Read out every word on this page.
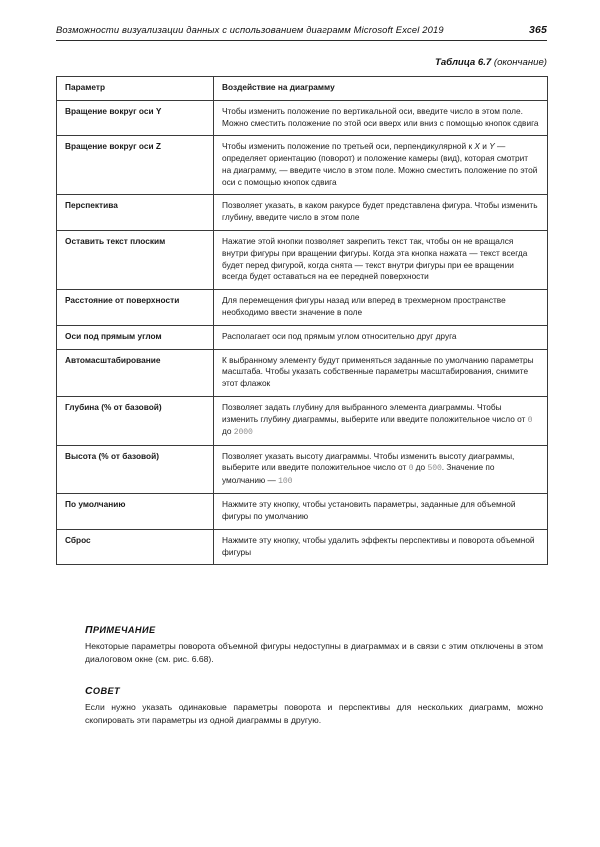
Возможности визуализации данных с использованием диаграмм Microsoft Excel 2019	365
Таблица 6.7 (окончание)
Параметр	Воздействие на диаграмму
Вращение вокруг оси Y	Чтобы изменить положение по вертикальной оси, введите число в этом поле. Можно сместить положение по этой оси вверх или вниз с помощью кнопок сдвига
Вращение вокруг оси Z	Чтобы изменить положение по третьей оси, перпендикулярной к X и Y — определяет ориентацию (поворот) и положение камеры (вид), которая смотрит на диаграмму, — введите число в этом поле. Можно сместить положение по этой оси с помощью кнопок сдвига
Перспектива	Позволяет указать, в каком ракурсе будет представлена фигура. Чтобы изменить глубину, введите число в этом поле
Оставить текст плоским	Нажатие этой кнопки позволяет закрепить текст так, чтобы он не вращался внутри фигуры при вращении фигуры. Когда эта кнопка нажата — текст всегда будет перед фигурой, когда снята — текст внутри фигуры при ее вращении всегда будет оставаться на ее передней поверхности
Расстояние от поверхности	Для перемещения фигуры назад или вперед в трехмерном пространстве необходимо ввести значение в поле
Оси под прямым углом	Располагает оси под прямым углом относительно друг друга
Автомасштабирование	К выбранному элементу будут применяться заданные по умолчанию параметры масштаба. Чтобы указать собственные параметры масштабирования, снимите этот флажок
Глубина (% от базовой)	Позволяет задать глубину для выбранного элемента диаграммы. Чтобы изменить глубину диаграммы, выберите или введите положительное число от 0 до 2000
Высота (% от базовой)	Позволяет указать высоту диаграммы. Чтобы изменить высоту диаграммы, выберите или введите положительное число от 0 до 500. Значение по умолчанию — 100
По умолчанию	Нажмите эту кнопку, чтобы установить параметры, заданные для объемной фигуры по умолчанию
Сброс	Нажмите эту кнопку, чтобы удалить эффекты перспективы и поворота объемной фигуры
ПРИМЕЧАНИЕ
Некоторые параметры поворота объемной фигуры недоступны в диаграммах и в связи с этим отключены в этом диалоговом окне (см. рис. 6.68).
СОВЕТ
Если нужно указать одинаковые параметры поворота и перспективы для нескольких диаграмм, можно скопировать эти параметры из одной диаграммы в другую.
